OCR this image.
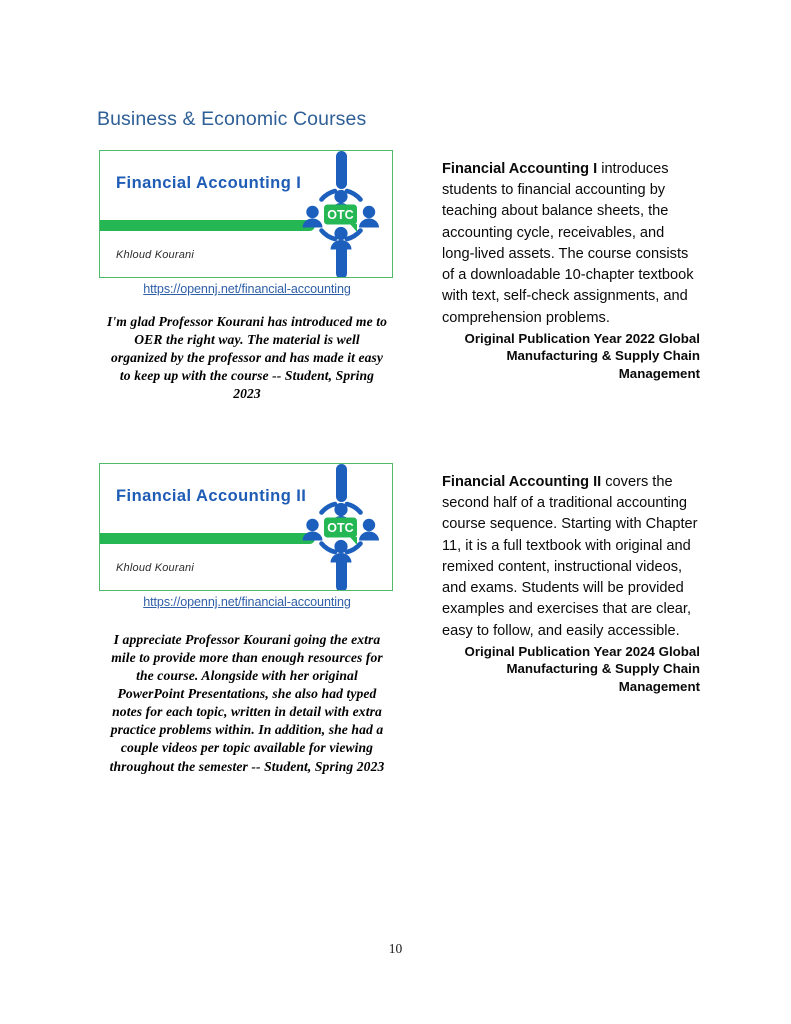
Business & Economic Courses
Financial Accounting I
Khloud Kourani
OTC
https://opennj.net/financial-accounting
I'm glad Professor Kourani has introduced me to OER the right way. The material is well organized by the professor and has made it easy to keep up with the course -- Student, Spring 2023
Financial Accounting I introduces students to financial accounting by teaching about balance sheets, the accounting cycle, receivables, and long-lived assets. The course consists of a downloadable 10-chapter textbook with text, self-check assignments, and comprehension problems.
Original Publication Year 2022 Global Manufacturing & Supply Chain Management
Financial Accounting II
Khloud Kourani
OTC
https://opennj.net/financial-accounting
I appreciate Professor Kourani going the extra mile to provide more than enough resources for the course. Alongside with her original PowerPoint Presentations, she also had typed notes for each topic, written in detail with extra practice problems within. In addition, she had a couple videos per topic available for viewing throughout the semester -- Student, Spring 2023
Financial Accounting II covers the second half of a traditional accounting course sequence. Starting with Chapter 11, it is a full textbook with original and remixed content, instructional videos, and exams. Students will be provided examples and exercises that are clear, easy to follow, and easily accessible.
Original Publication Year 2024 Global Manufacturing & Supply Chain Management
10
